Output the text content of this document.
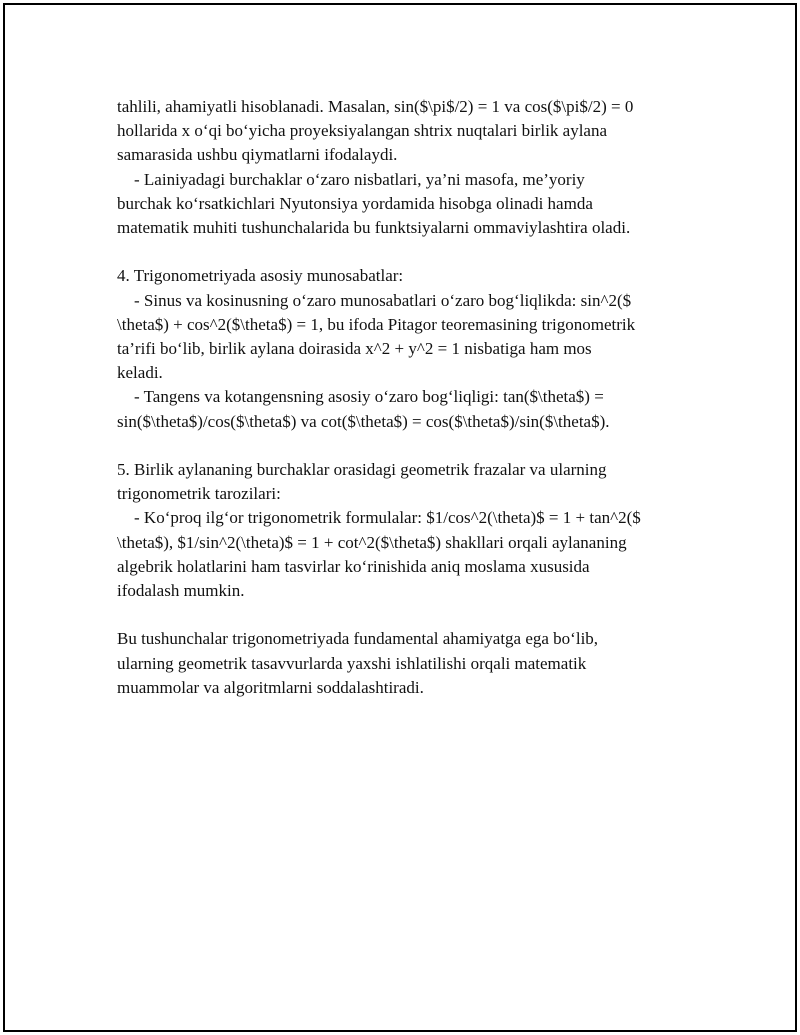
tahlili, ahamiyatli hisoblanadi. Masalan, sin($\pi$/2) = 1 va cos($\pi$/2) = 0
hollarida x o‘qi bo‘yicha proyeksiyalangan shtrix nuqtalari birlik aylana
samarasida ushbu qiymatlarni ifodalaydi.
- Lainiyadagi burchaklar o‘zaro nisbatlari, ya’ni masofa, me’yoriy
burchak ko‘rsatkichlari Nyutonsiya yordamida hisobga olinadi hamda
matematik muhiti tushunchalarida bu funktsiyalarni ommaviylashtira oladi.
4. Trigonometriyada asosiy munosabatlar:
- Sinus va kosinusning o‘zaro munosabatlari o‘zaro bog‘liqlikda: sin^2($
\theta$) + cos^2($\theta$) = 1, bu ifoda Pitagor teoremasining trigonometrik
ta’rifi bo‘lib, birlik aylana doirasida x^2 + y^2 = 1 nisbatiga ham mos
keladi.
- Tangens va kotangensning asosiy o‘zaro bog‘liqligi: tan($\theta$) =
sin($\theta$)/cos($\theta$) va cot($\theta$) = cos($\theta$)/sin($\theta$).
5. Birlik aylananing burchaklar orasidagi geometrik frazalar va ularning
trigonometrik tarozilari:
- Ko‘proq ilg‘or trigonometrik formulalar: $1/cos^2(\theta)$ = 1 + tan^2($
\theta$), $1/sin^2(\theta)$ = 1 + cot^2($\theta$) shakllari orqali aylananing
algebrik holatlarini ham tasvirlar ko‘rinishida aniq moslama xususida
ifodalash mumkin.
Bu tushunchalar trigonometriyada fundamental ahamiyatga ega bo‘lib,
ularning geometrik tasavvurlarda yaxshi ishlatilishi orqali matematik
muammolar va algoritmlarni soddalashtiradi.
